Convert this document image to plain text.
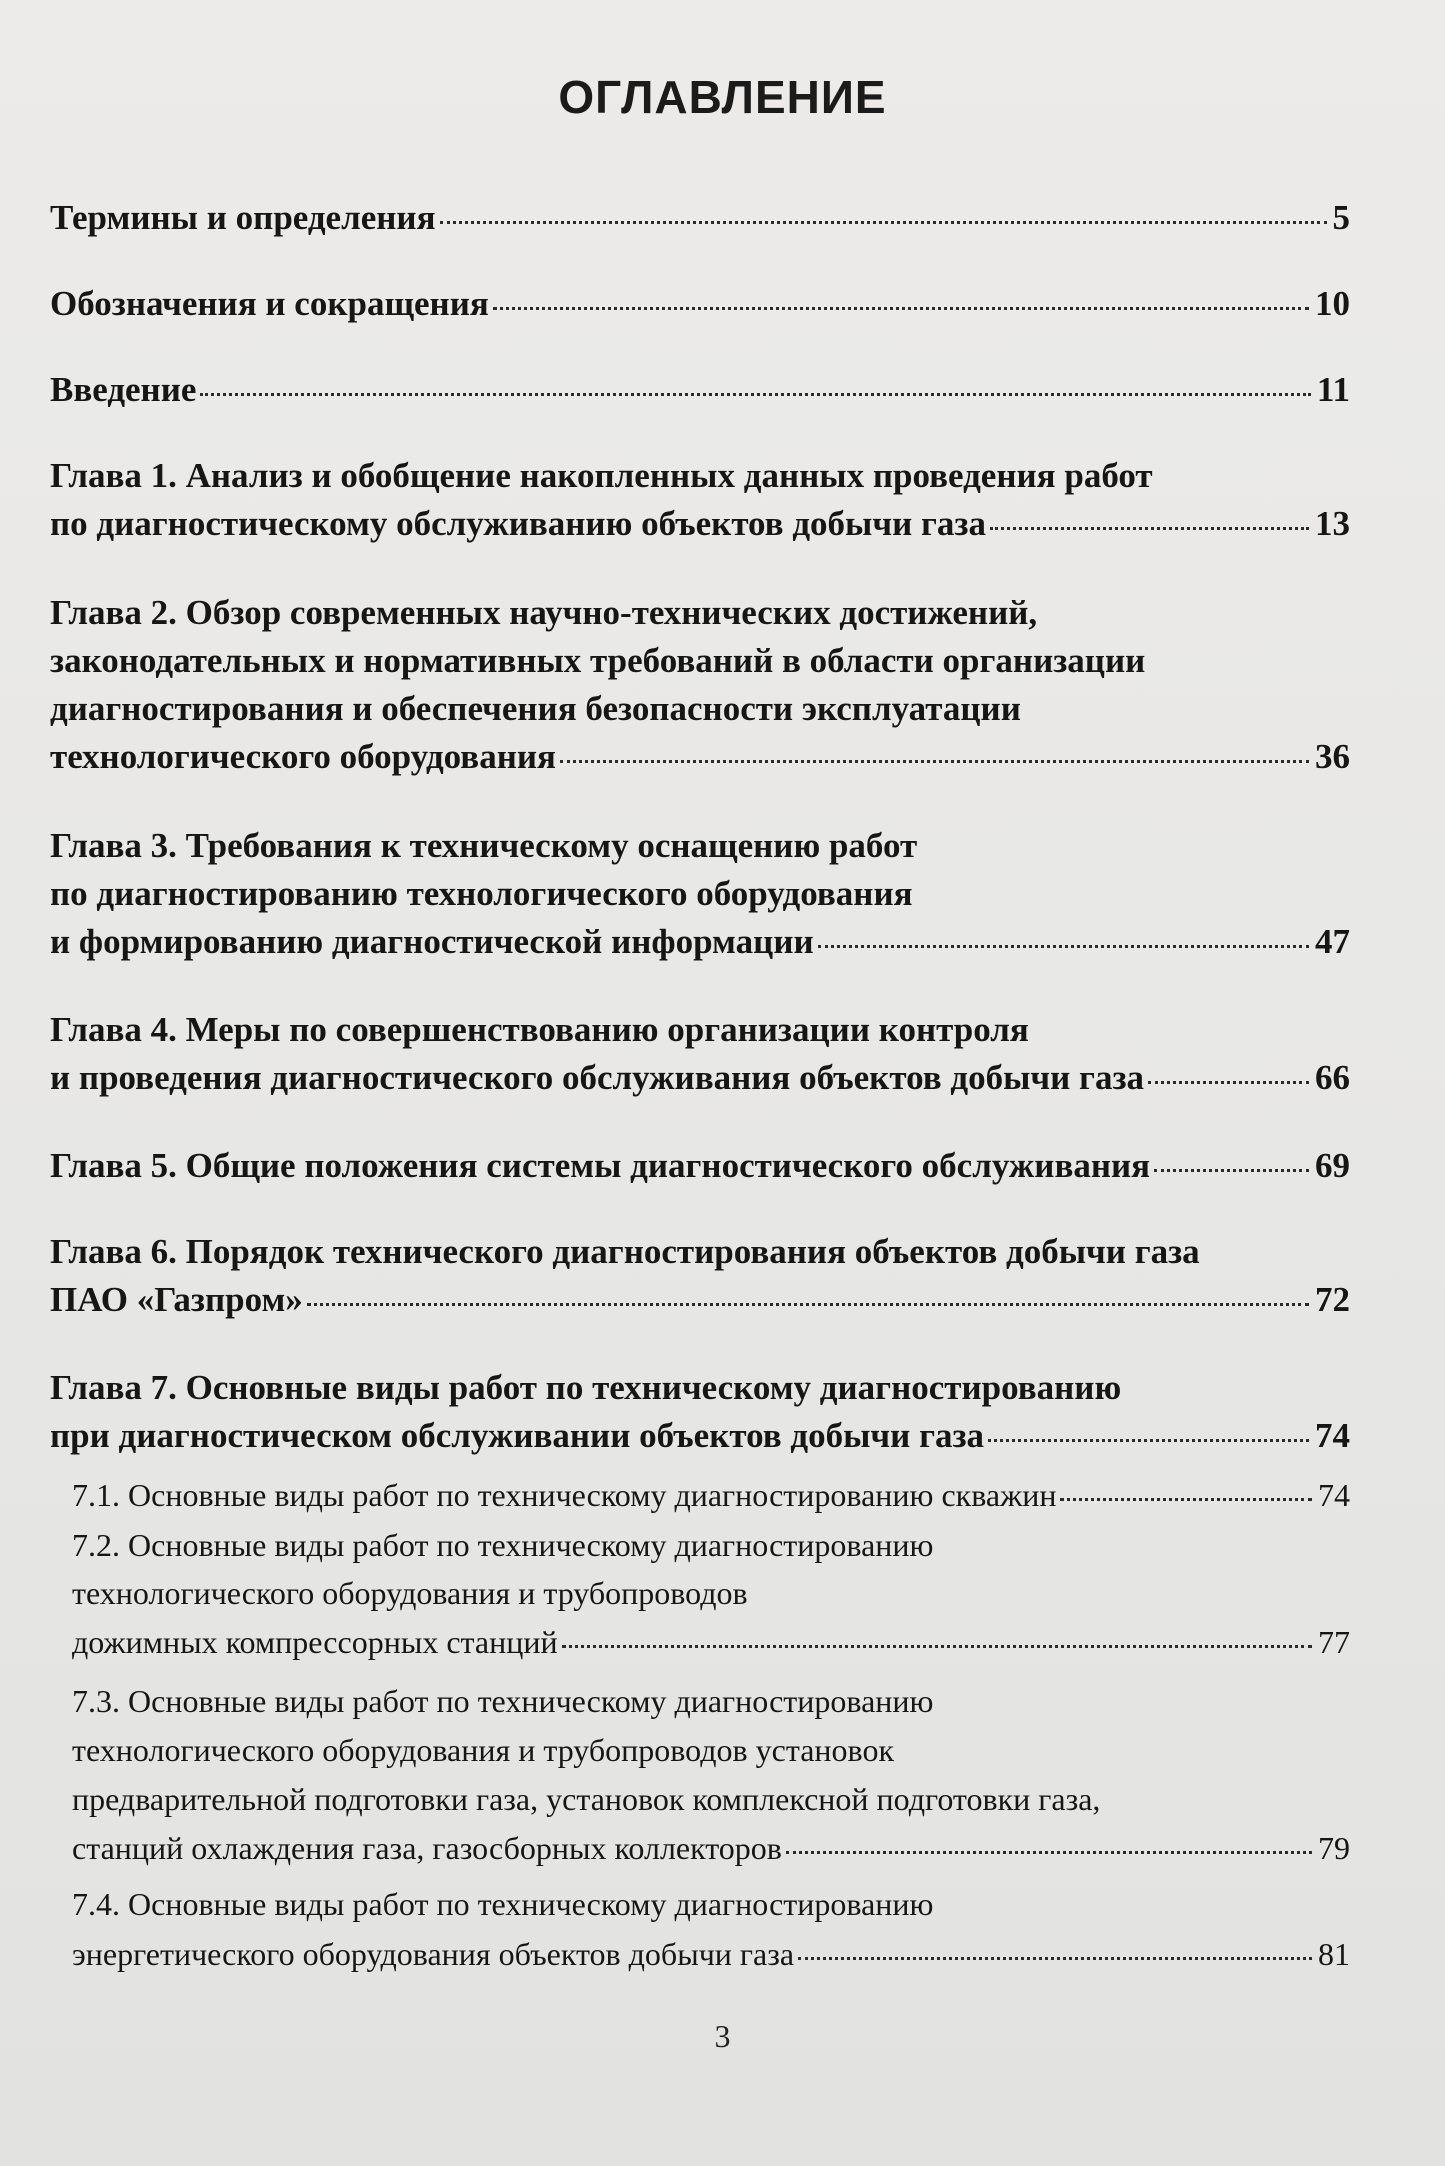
ОГЛАВЛЕНИЕ
Термины и определения	5
Обозначения и сокращения	10
Введение	11
Глава 1. Анализ и обобщение накопленных данных проведения работ
по диагностическому обслуживанию объектов добычи газа	13
Глава 2. Обзор современных научно-технических достижений,
законодательных и нормативных требований в области организации
диагностирования и обеспечения безопасности эксплуатации
технологического оборудования	36
Глава 3. Требования к техническому оснащению работ
по диагностированию технологического оборудования
и формированию диагностической информации	47
Глава 4. Меры по совершенствованию организации контроля
и проведения диагностического обслуживания объектов добычи газа	66
Глава 5. Общие положения системы диагностического обслуживания	69
Глава 6. Порядок технического диагностирования объектов добычи газа
ПАО «Газпром»	72
Глава 7. Основные виды работ по техническому диагностированию
при диагностическом обслуживании объектов добычи газа	74
7.1. Основные виды работ по техническому диагностированию скважин	74
7.2. Основные виды работ по техническому диагностированию
технологического оборудования и трубопроводов
дожимных компрессорных станций	77
7.3. Основные виды работ по техническому диагностированию
технологического оборудования и трубопроводов установок
предварительной подготовки газа, установок комплексной подготовки газа,
станций охлаждения газа, газосборных коллекторов	79
7.4. Основные виды работ по техническому диагностированию
энергетического оборудования объектов добычи газа	81
3
